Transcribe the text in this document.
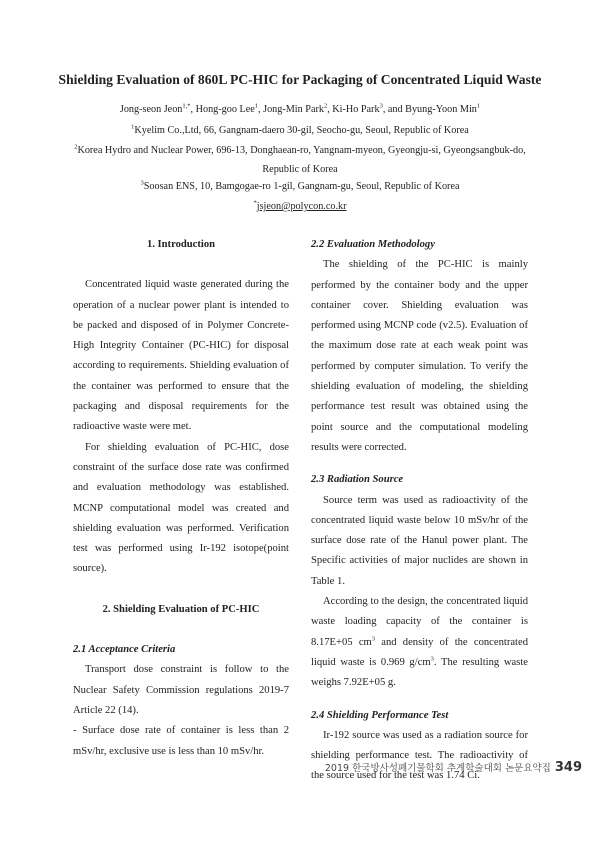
Shielding Evaluation of 860L PC-HIC for Packaging of Concentrated Liquid Waste
Jong-seon Jeon$^{1,*}$, Hong-goo Lee$^1$, Jong-Min Park$^2$, Ki-Ho Park$^3$, and Byung-Yoon Min$^1$
$^1$Kyelim Co.,Ltd, 66, Gangnam-daero 30-gil, Seocho-gu, Seoul, Republic of Korea
$^2$Korea Hydro and Nuclear Power, 696-13, Donghaean-ro, Yangnam-myeon, Gyeongju-si, Gyeongsangbuk-do,
Republic of Korea
$^3$Soosan ENS, 10, Bamgogae-ro 1-gil, Gangnam-gu, Seoul, Republic of Korea
*jsjeon@polycon.co.kr
1. Introduction

Concentrated liquid waste generated during the operation of a nuclear power plant is intended to be packed and disposed of in Polymer Concrete-High Integrity Container (PC-HIC) for disposal according to requirements. Shielding evaluation of the container was performed to ensure that the packaging and disposal requirements for the radioactive waste were met.

For shielding evaluation of PC-HIC, dose constraint of the surface dose rate was confirmed and evaluation methodology was established. MCNP computational model was created and shielding evaluation was performed. Verification test was performed using Ir-192 isotope(point source).

2. Shielding Evaluation of PC-HIC
2.1 Acceptance Criteria

Transport dose constraint is follow to the Nuclear Safety Commission regulations 2019-7 Article 22 (14).

- Surface dose rate of container is less than 2 mSv/hr, exclusive use is less than 10 mSv/hr.

2.2 Evaluation Methodology

The shielding of the PC-HIC is mainly performed by the container body and the upper container cover. Shielding evaluation was performed using MCNP code (v2.5). Evaluation of the maximum dose rate at each weak point was performed by computer simulation. To verify the shielding evaluation of modeling, the shielding performance test result was obtained using the point source and the computational modeling results were corrected.

2.3 Radiation Source

Source term was used as radioactivity of the concentrated liquid waste below 10 mSv/hr of the surface dose rate of the Hanul power plant. The Specific activities of major nuclides are shown in Table 1.

According to the design, the concentrated liquid waste loading capacity of the container is 8.17E+05 $cm^3$ and density of the concentrated liquid waste is 0.969 $g/cm^3$. The resulting waste weighs 7.92E+05 g.

2.4 Shielding Performance Test

Ir-192 source was used as a radiation source for shielding performance test. The radioactivity of the source used for the test was 1.74 Ci.

2019 한국방사성폐기물학회 추계학술대회 논문요약집 349
